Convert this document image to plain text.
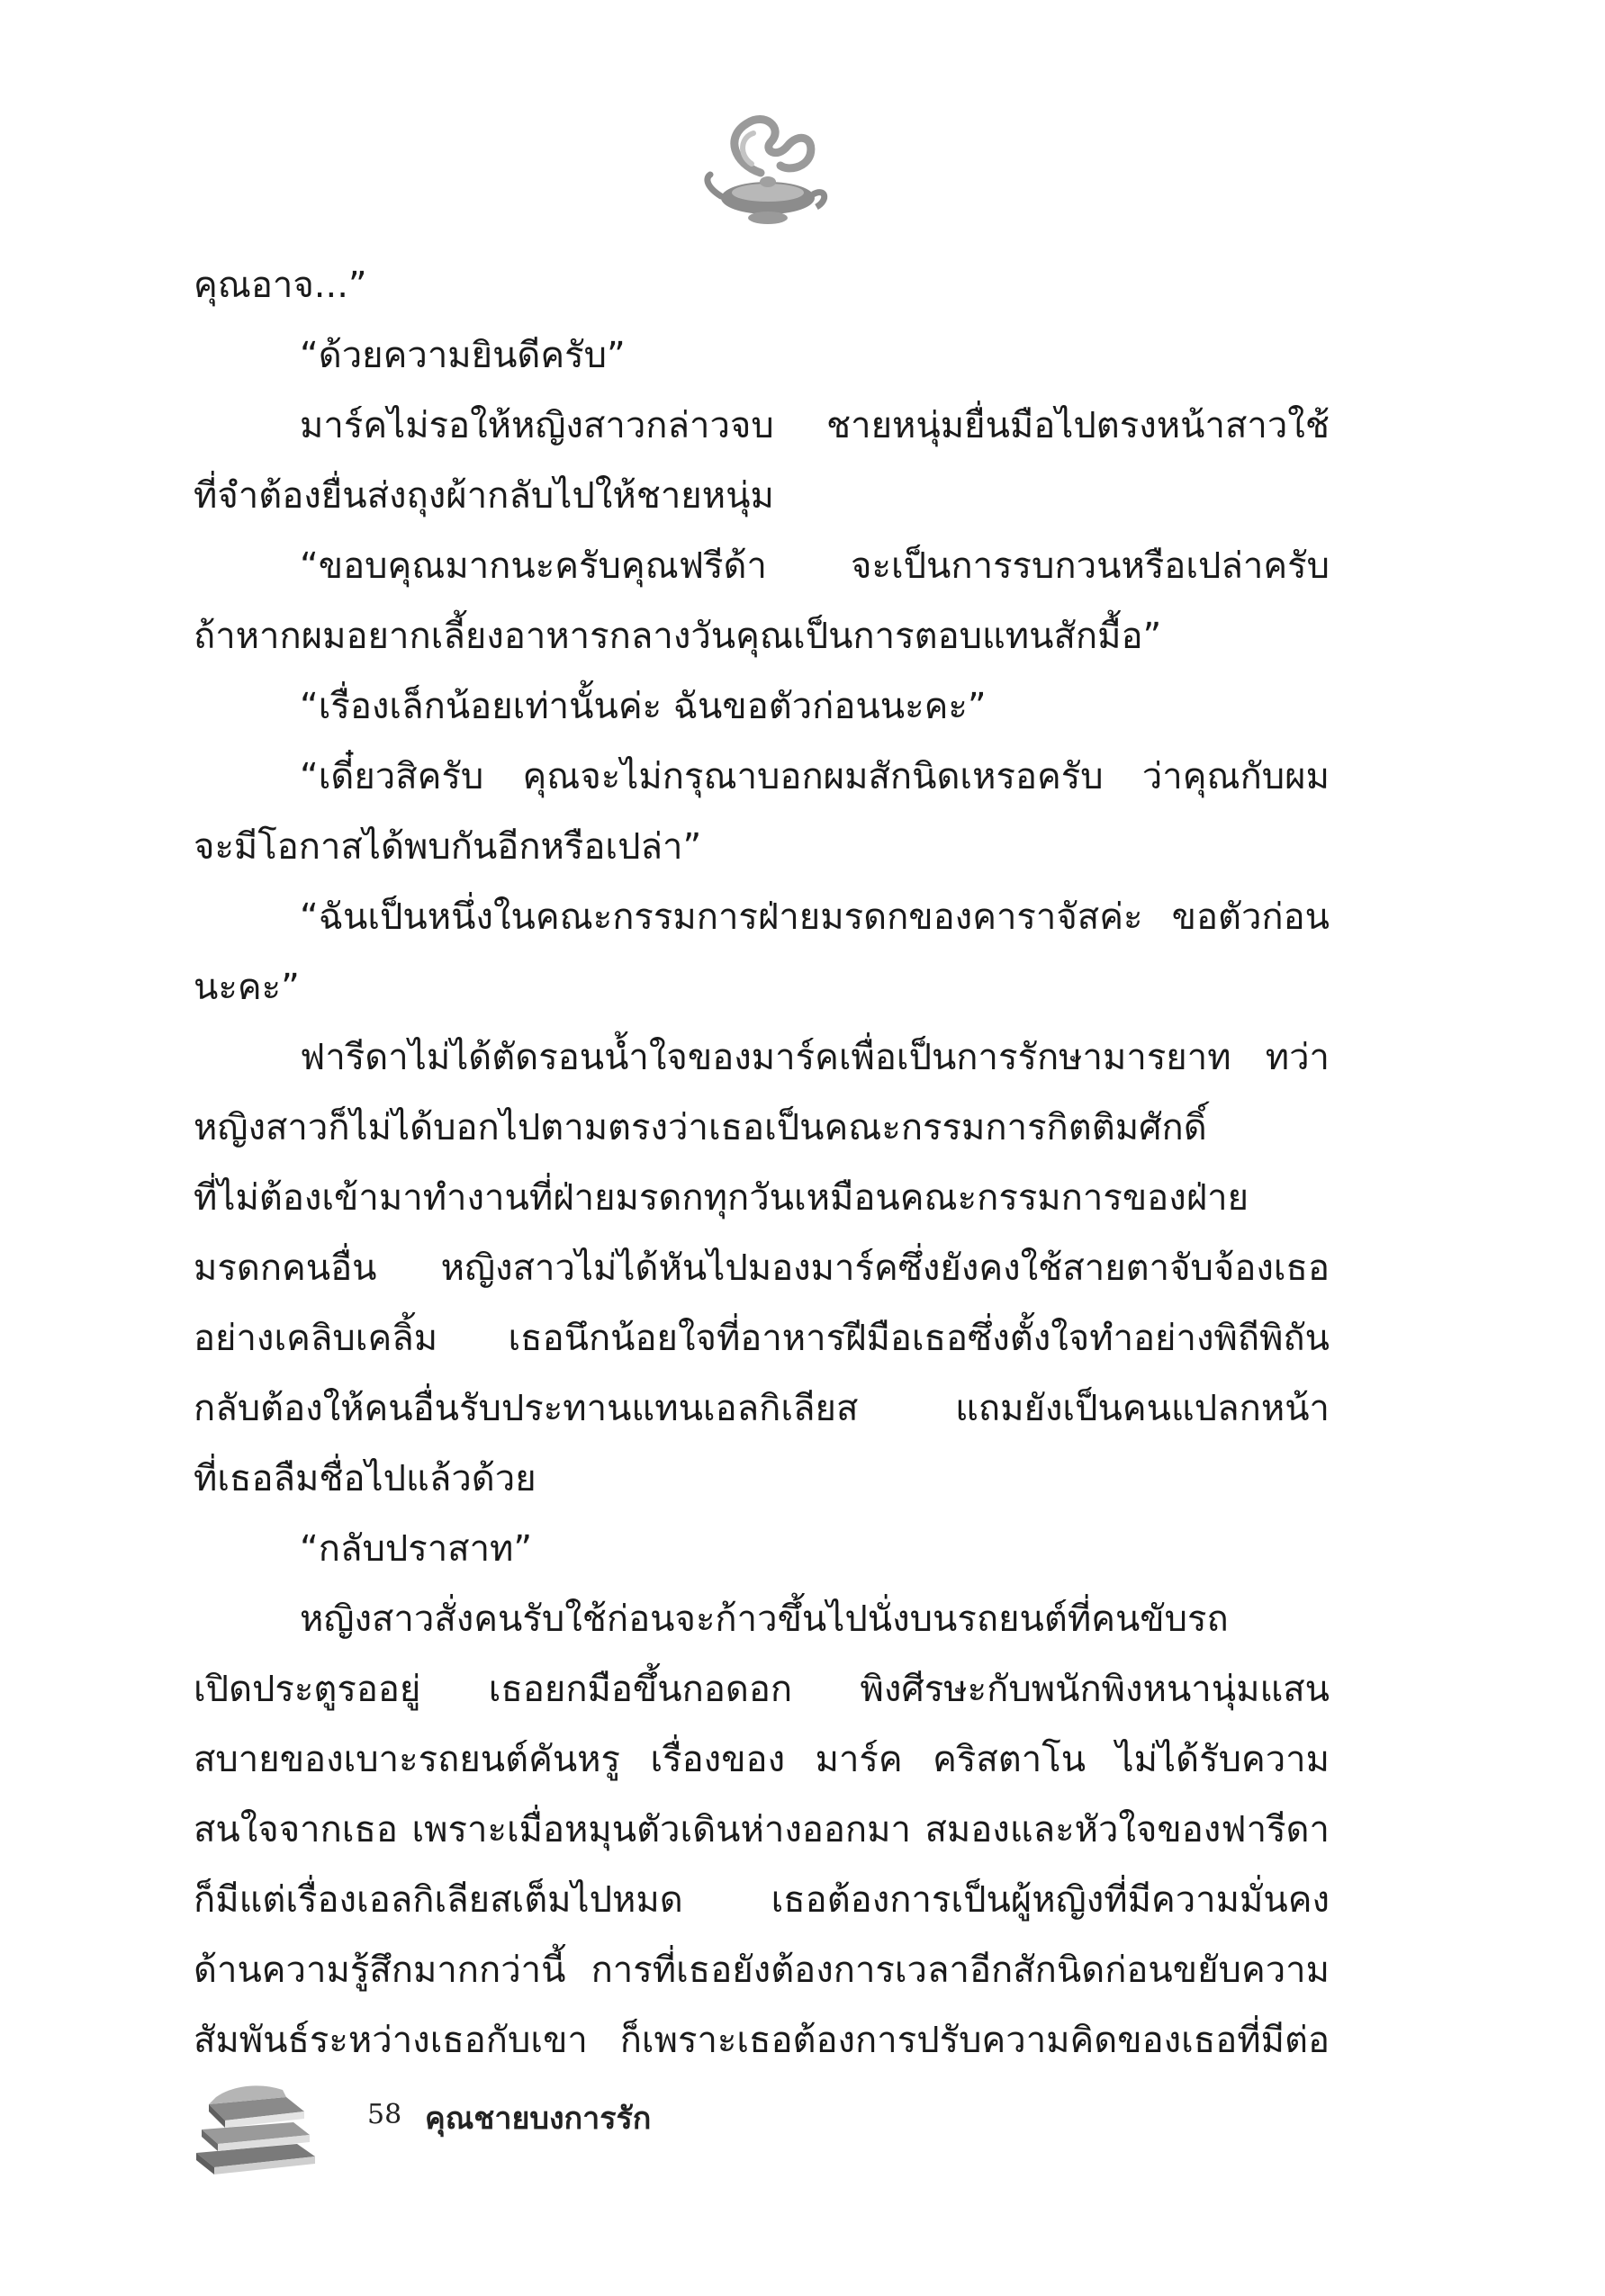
คุณอาจ...”
“ด้วยความยินดีครับ”
มาร์คไม่รอให้หญิงสาวกล่าวจบ ชายหนุ่มยื่นมือไปตรงหน้าสาวใช้
ที่จำต้องยื่นส่งถุงผ้ากลับไปให้ชายหนุ่ม
“ขอบคุณมากนะครับคุณฟรีด้า จะเป็นการรบกวนหรือเปล่าครับ
ถ้าหากผมอยากเลี้ยงอาหารกลางวันคุณเป็นการตอบแทนสักมื้อ”
“เรื่องเล็กน้อยเท่านั้นค่ะ ฉันขอตัวก่อนนะคะ”
“เดี๋ยวสิครับ คุณจะไม่กรุณาบอกผมสักนิดเหรอครับ ว่าคุณกับผม
จะมีโอกาสได้พบกันอีกหรือเปล่า”
“ฉันเป็นหนึ่งในคณะกรรมการฝ่ายมรดกของคาราจัสค่ะ ขอตัวก่อน
นะคะ”
ฟารีดาไม่ได้ตัดรอนน้ำใจของมาร์คเพื่อเป็นการรักษามารยาท ทว่า
หญิงสาวก็ไม่ได้บอกไปตามตรงว่าเธอเป็นคณะกรรมการกิตติมศักดิ์
ที่ไม่ต้องเข้ามาทำงานที่ฝ่ายมรดกทุกวันเหมือนคณะกรรมการของฝ่าย
มรดกคนอื่น หญิงสาวไม่ได้หันไปมองมาร์คซึ่งยังคงใช้สายตาจับจ้องเธอ
อย่างเคลิบเคลิ้ม เธอนึกน้อยใจที่อาหารฝีมือเธอซึ่งตั้งใจทำอย่างพิถีพิถัน
กลับต้องให้คนอื่นรับประทานแทนเอลกิเลียส แถมยังเป็นคนแปลกหน้า
ที่เธอลืมชื่อไปแล้วด้วย
“กลับปราสาท”
หญิงสาวสั่งคนรับใช้ก่อนจะก้าวขึ้นไปนั่งบนรถยนต์ที่คนขับรถ
เปิดประตูรออยู่ เธอยกมือขึ้นกอดอก พิงศีรษะกับพนักพิงหนานุ่มแสน
สบายของเบาะรถยนต์คันหรู เรื่องของ มาร์ค คริสตาโน ไม่ได้รับความ
สนใจจากเธอ เพราะเมื่อหมุนตัวเดินห่างออกมา สมองและหัวใจของฟารีดา
ก็มีแต่เรื่องเอลกิเลียสเต็มไปหมด เธอต้องการเป็นผู้หญิงที่มีความมั่นคง
ด้านความรู้สึกมากกว่านี้ การที่เธอยังต้องการเวลาอีกสักนิดก่อนขยับความ
สัมพันธ์ระหว่างเธอกับเขา ก็เพราะเธอต้องการปรับความคิดของเธอที่มีต่อ
58 คุณชายบงการรัก
